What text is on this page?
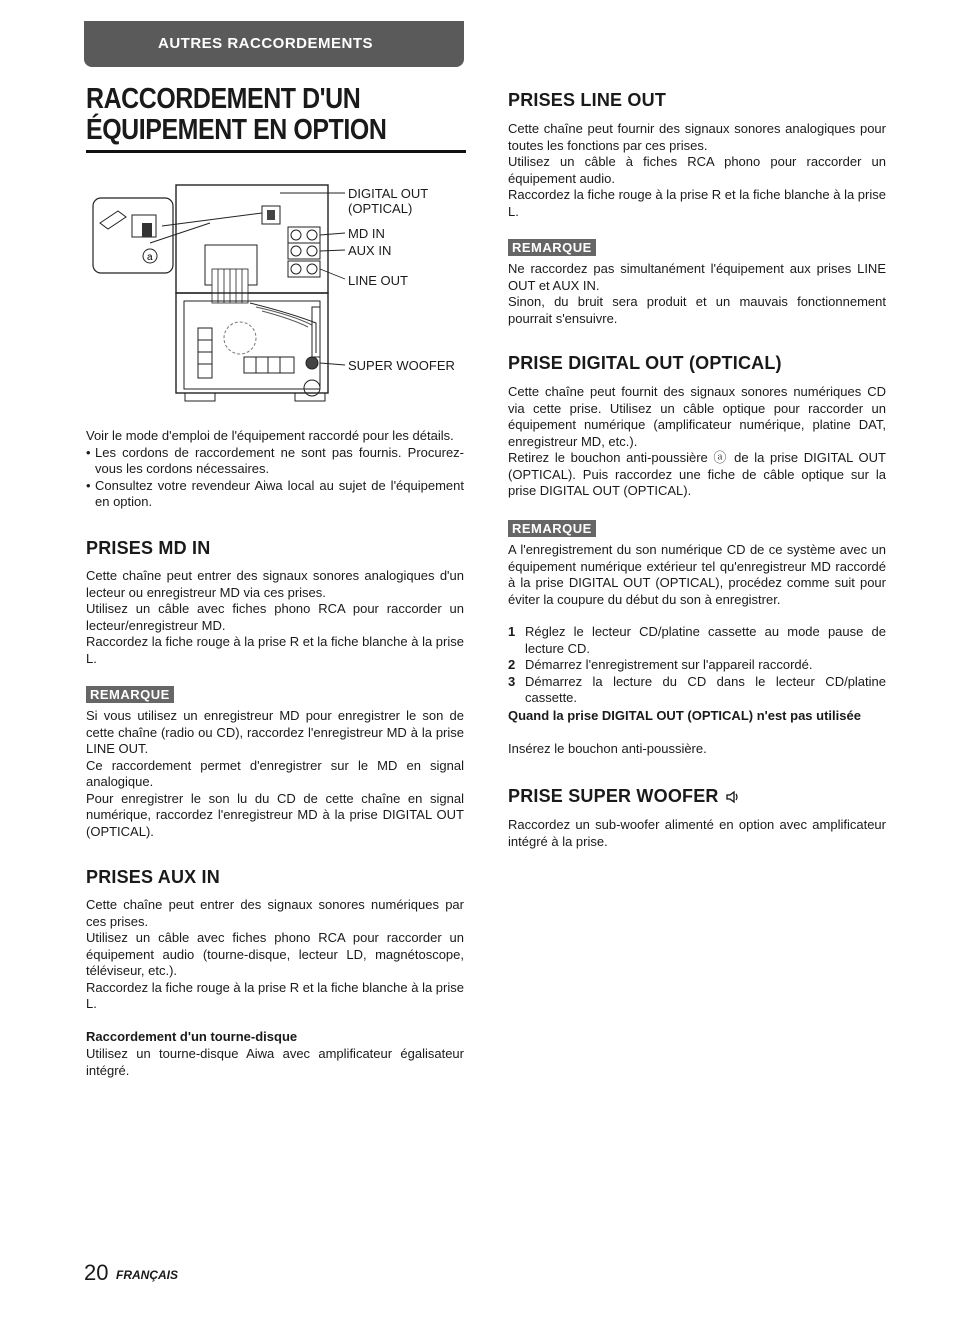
AUTRES RACCORDEMENTS
RACCORDEMENT D'UN
ÉQUIPEMENT EN OPTION
a
DIGITAL OUT
(OPTICAL)
MD IN
AUX IN
LINE OUT
SUPER WOOFER

Voir le mode d'emploi de l'équipement raccordé pour les détails.

• Les cordons de raccordement ne sont pas fournis. Procurez-vous les cordons nécessaires.
• Consultez votre revendeur Aiwa local au sujet de l'équipement en option.
PRISES MD IN

Cette chaîne peut entrer des signaux sonores analogiques d'un lecteur ou enregistreur MD via ces prises.

Utilisez un câble avec fiches phono RCA pour raccorder un lecteur/enregistreur MD.

Raccordez la fiche rouge à la prise R et la fiche blanche à la prise L.

REMARQUE

Si vous utilisez un enregistreur MD pour enregistrer le son de cette chaîne (radio ou CD), raccordez l'enregistreur MD à la prise LINE OUT.

Ce raccordement permet d'enregistrer sur le MD en signal analogique.

Pour enregistrer le son lu du CD de cette chaîne en signal numérique, raccordez l'enregistreur MD à la prise DIGITAL OUT (OPTICAL).

PRISES AUX IN

Cette chaîne peut entrer des signaux sonores numériques par ces prises.

Utilisez un câble avec fiches phono RCA pour raccorder un équipement audio (tourne-disque, lecteur LD, magnétoscope, téléviseur, etc.).

Raccordez la fiche rouge à la prise R et la fiche blanche à la prise L.

Raccordement d'un tourne-disque
Utilisez un tourne-disque Aiwa avec amplificateur égalisateur intégré.
PRISES LINE OUT

Cette chaîne peut fournir des signaux sonores analogiques pour toutes les fonctions par ces prises.

Utilisez un câble à fiches RCA phono pour raccorder un équipement audio.

Raccordez la fiche rouge à la prise R et la fiche blanche à la prise L.

REMARQUE

Ne raccordez pas simultanément l'équipement aux prises LINE OUT et AUX IN.

Sinon, du bruit sera produit et un mauvais fonctionnement pourrait s'ensuivre.

PRISE DIGITAL OUT (OPTICAL)

Cette chaîne peut fournit des signaux sonores numériques CD via cette prise. Utilisez un câble optique pour raccorder un équipement numérique (amplificateur numérique, platine DAT, enregistreur MD, etc.).

Retirez le bouchon anti-poussière ⓐ de la prise DIGITAL OUT (OPTICAL). Puis raccordez une fiche de câble optique sur la prise DIGITAL OUT (OPTICAL).

REMARQUE
A l'enregistrement du son numérique CD de ce système avec un équipement numérique extérieur tel qu'enregistreur MD raccordé à la prise DIGITAL OUT (OPTICAL), procédez comme suit pour éviter la coupure du début du son à enregistrer.
1 Réglez le lecteur CD/platine cassette au mode pause de lecture CD.
2 Démarrez l'enregistrement sur l'appareil raccordé.
3 Démarrez la lecture du CD dans le lecteur CD/platine cassette.
Quand la prise DIGITAL OUT (OPTICAL) n'est pas utilisée
Insérez le bouchon anti-poussière.
PRISE SUPER WOOFER
Raccordez un sub-woofer alimenté en option avec amplificateur intégré à la prise.
20 FRANÇAIS
